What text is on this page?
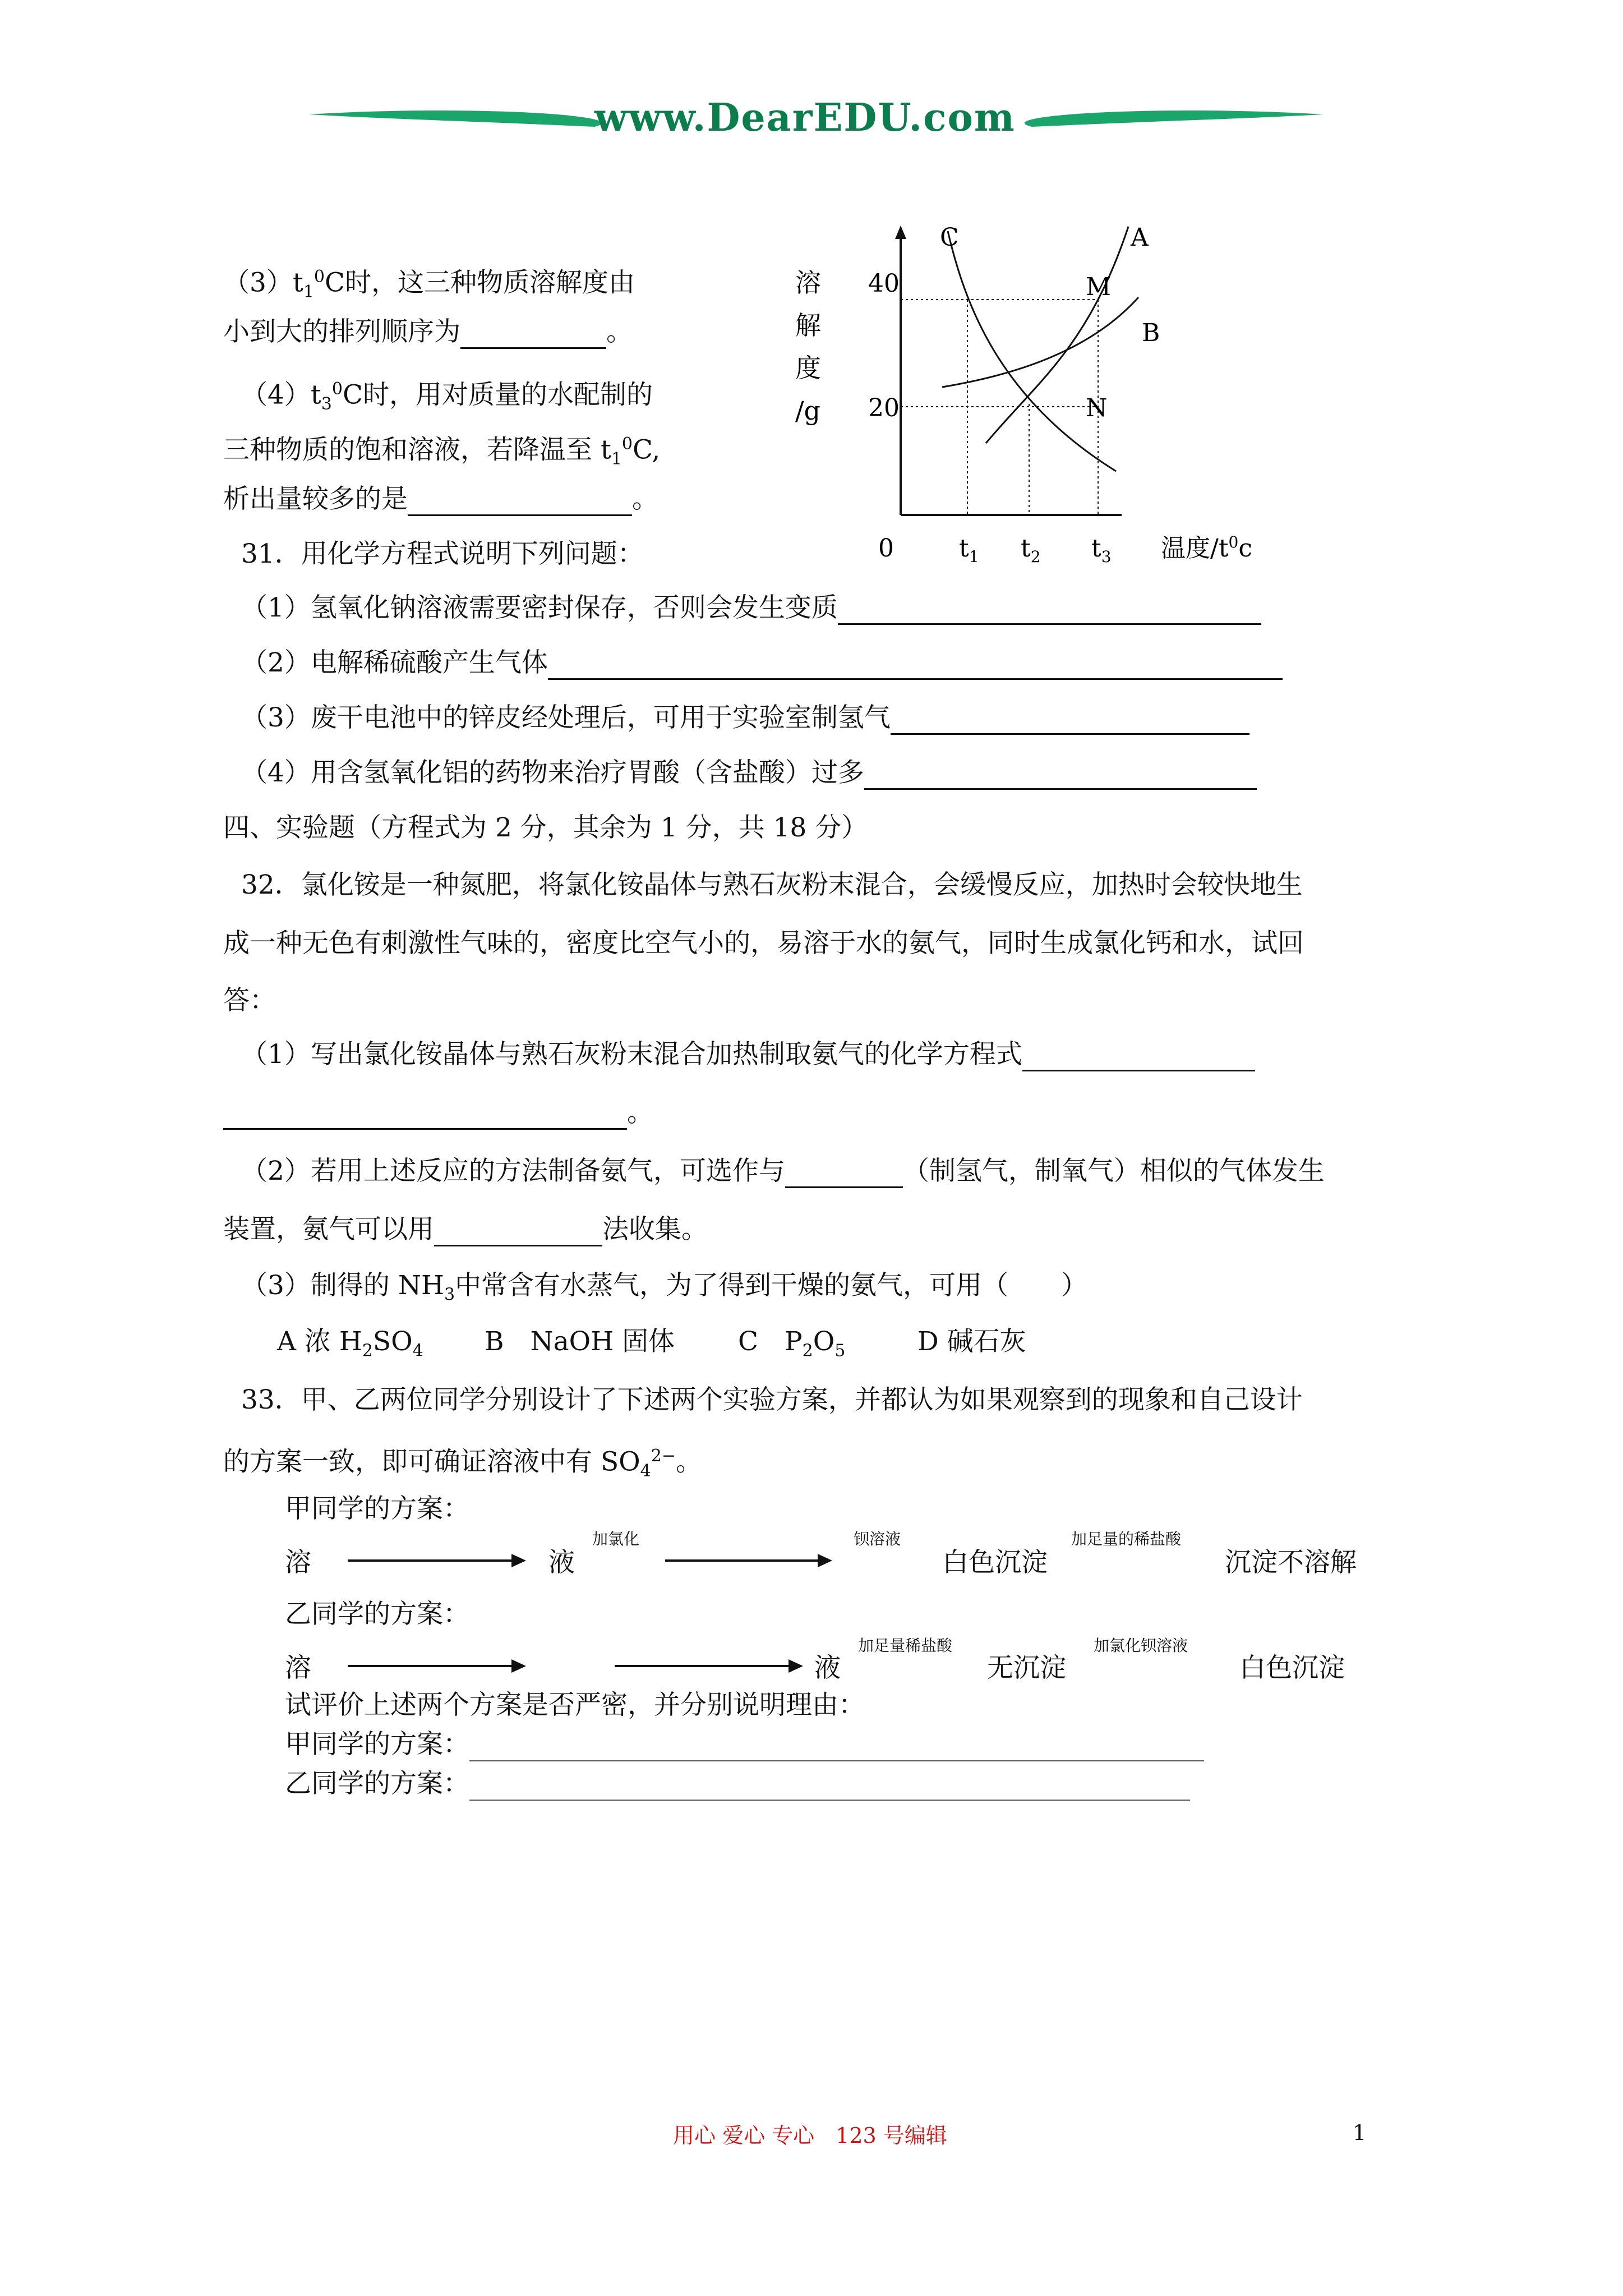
www.DearEDU.com
$(3)t_1^0C$时，这三种物质溶解度由
小到大的排列顺序为	。
$(4)t_3^0C$时，用对质量的水配制的
三种物质的饱和溶液，若降温至 $t_1^0C$,
析出量较多的是	。
C	A
B
M
N
40
20
溶
解
度
/g
0	$t_1$ $t_2$ $t_3$ 温度$/t^0c$
31．用化学方程式说明下列问题：
（1）氢氧化钠溶液需要密封保存，否则会发生变质
（2）电解稀硫酸产生气体
（3）废干电池中的锌皮经处理后，可用于实验室制氢气
（4）用含氢氧化铝的药物来治疗胃酸（含盐酸）过多
四、实验题（方程式为 2 分，其余为 1 分，共 18 分）
32．氯化铵是一种氮肥，将氯化铵晶体与熟石灰粉末混合，会缓慢反应，加热时会较快地生
成一种无色有刺激性气味的，密度比空气小的，易溶于水的氨气，同时生成氯化钙和水，试回
答：
（1）写出氯化铵晶体与熟石灰粉末混合加热制取氨气的化学方程式
。
（2）若用上述反应的方法制备氨气，可选作与	（制氢气，制氧气）相似的气体发生
装置，氨气可以用	法收集。
（3）制得的 $NH_3$中常含有水蒸气，为了得到干燥的氨气，可用（　　）
A 浓 $H_2SO_4$ B　NaOH 固体 C　$P_2O_5$	D 碱石灰
33．甲、乙两位同学分别设计了下述两个实验方案，并都认为如果观察到的现象和自己设计
的方案一致，即可确证溶液中有 $SO_4^{2-}$。
甲同学的方案：
溶	液
加氯化	钡溶液
白色沉淀
加足量的稀盐酸
沉淀不溶解
乙同学的方案：
溶	液
加足量稀盐酸
无沉淀
加氯化钡溶液
白色沉淀
试评价上述两个方案是否严密，并分别说明理由：
甲同学的方案：
乙同学的方案：
用心 爱心 专心　123 号编辑	1
